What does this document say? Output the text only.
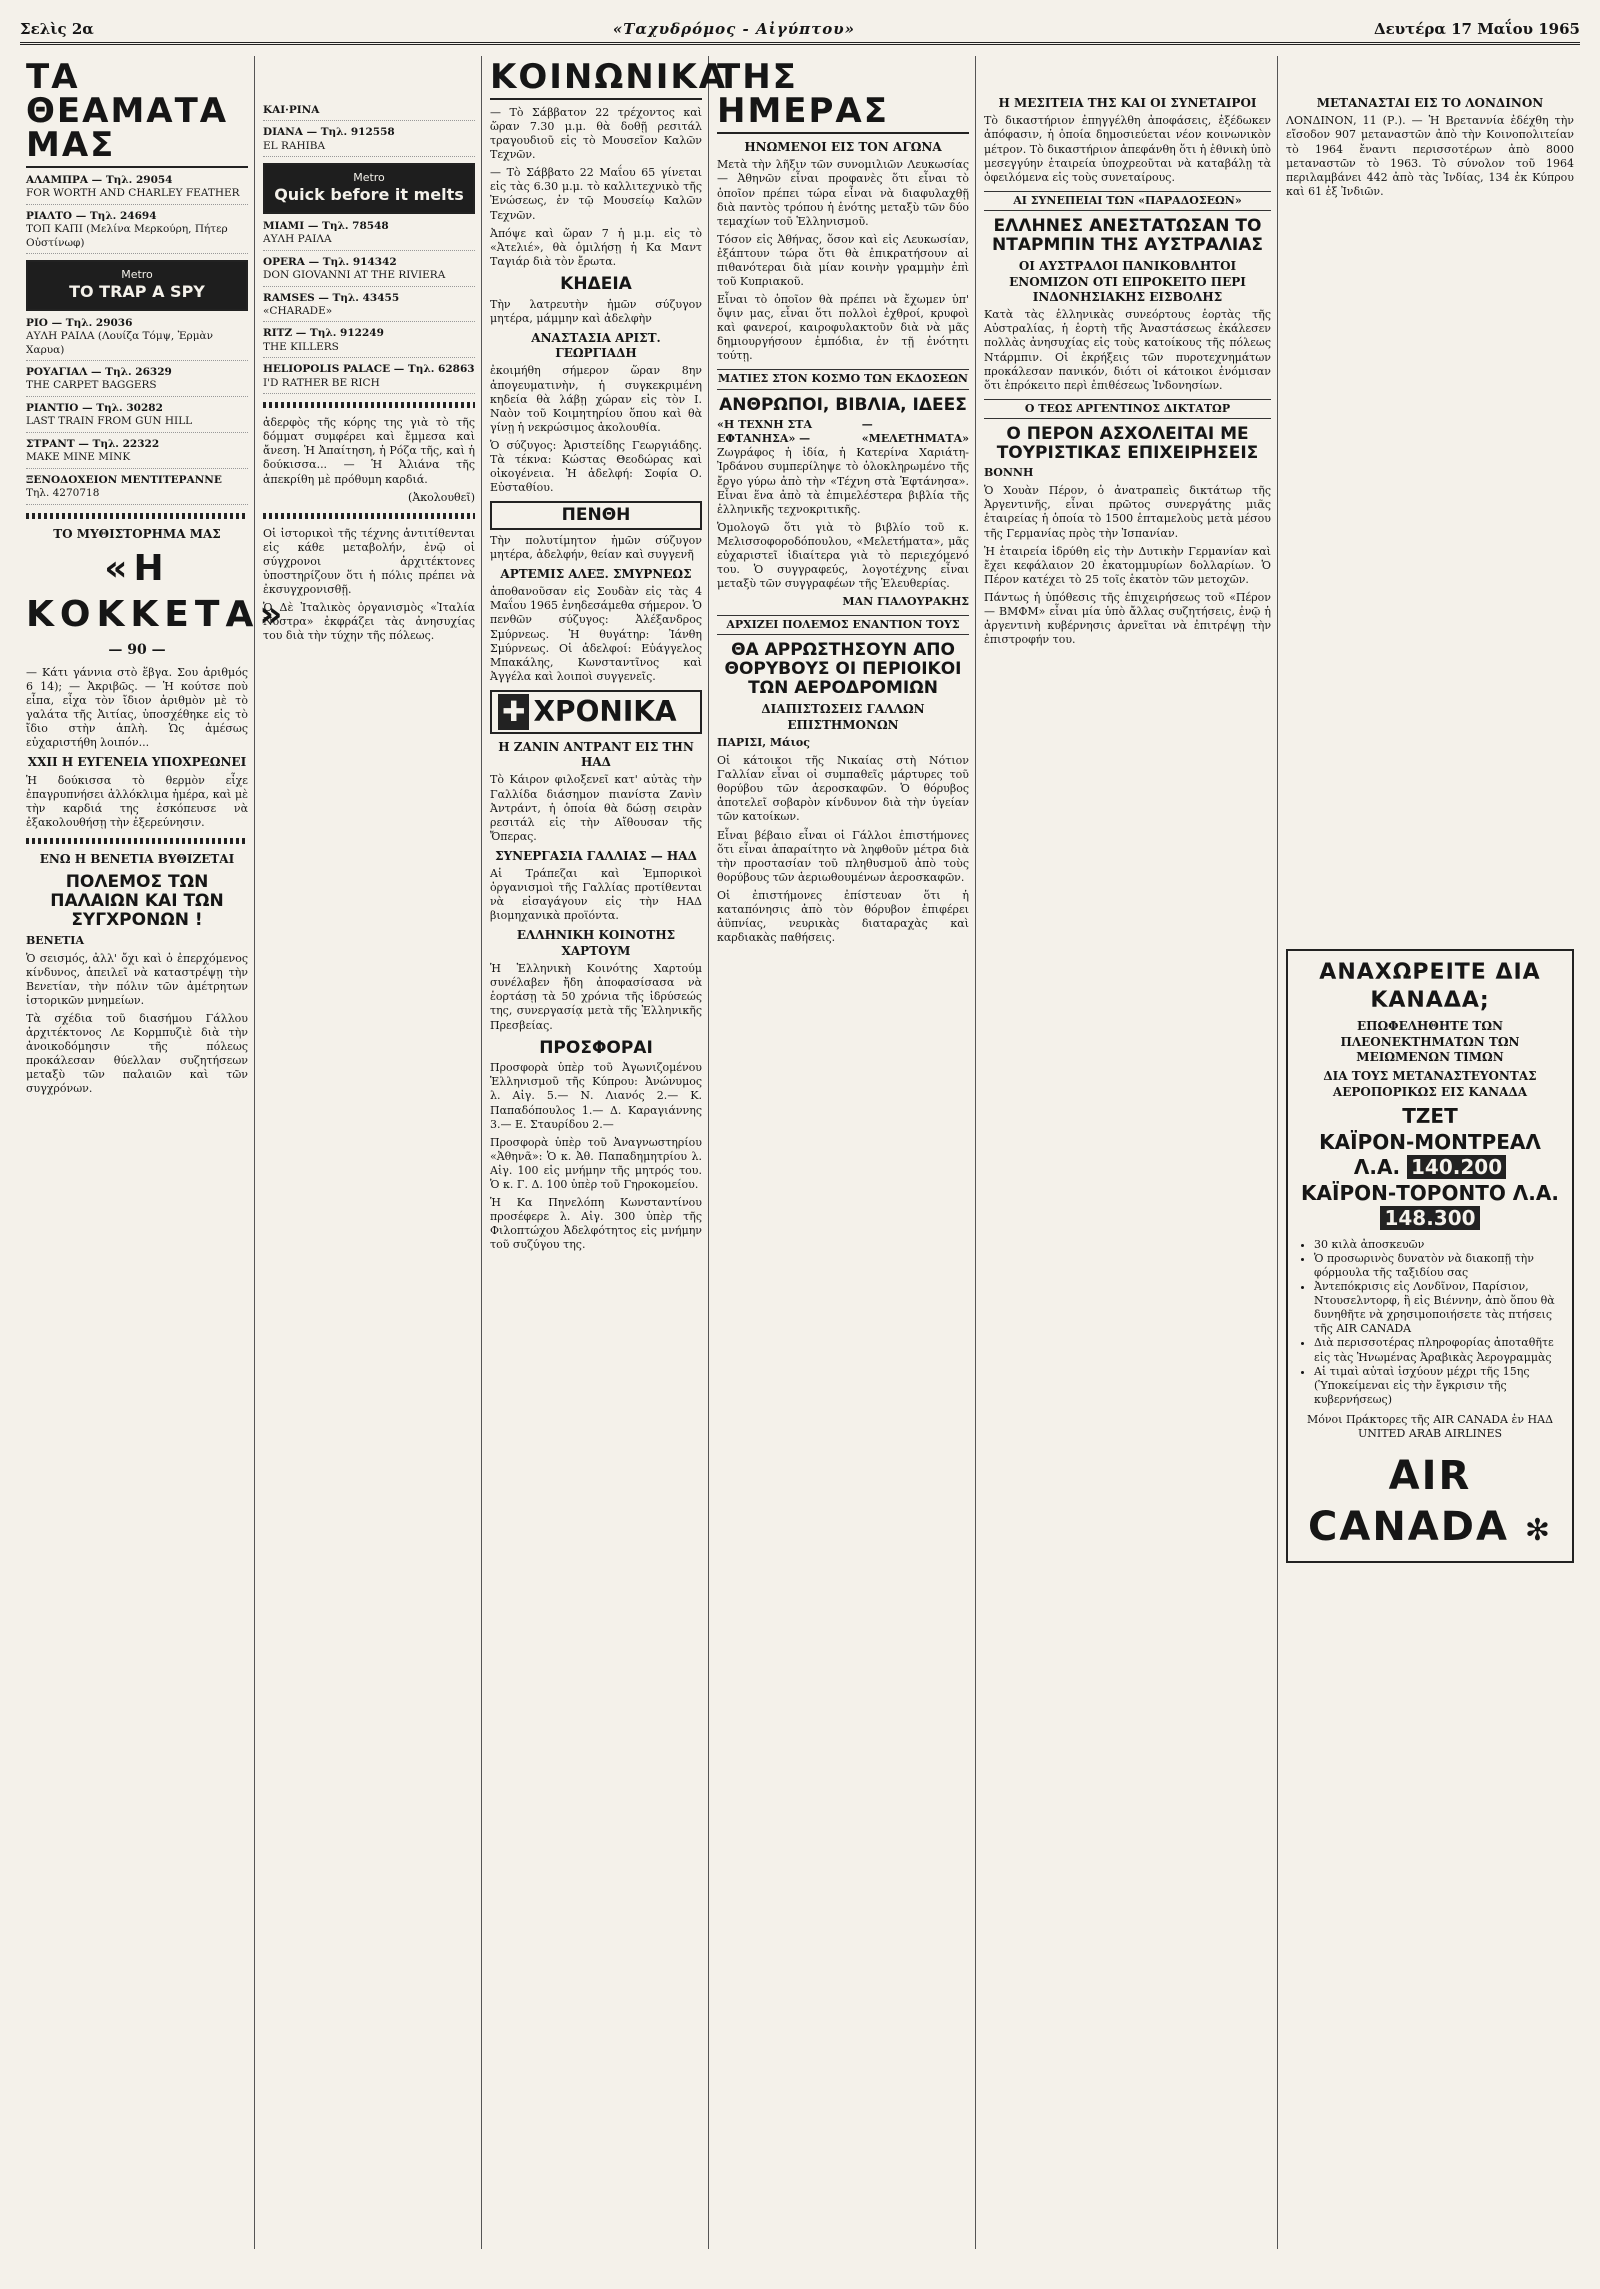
Σελὶς 2α	«Ταχυδρόμος - Αἰγύπτου»	Δευτέρα 17 Μαΐου 1965
ΤΑ ΘΕΑΜΑΤΑ ΜΑΣ
ΑΛΑΜΠΡΑ — Τηλ. 29054
FOR WORTH AND CHARLEY FEATHER
ΡΙΑΛΤΟ — Τηλ. 24694
ΤΟΠ ΚΑΠΙ (Μελίνα Μερκούρη, Πήτερ Οὐστίνωφ)
Metro
TO TRAP A SPY
ΡΙΟ — Τηλ. 29036
ΑΥΛΗ ΡΑΙΛΑ (Λουίζα Τόμψ, Ἐρμὰν Χαρυα)
ΡΟΥΑΓΙΑΛ — Τηλ. 26329
THE CARPET BAGGERS
ΡΙΑΝΤΙΟ — Τηλ. 30282
LAST TRAIN FROM GUN HILL
ΣΤΡΑΝΤ — Τηλ. 22322
MAKE MINE MINK
ΞΕΝΟΔΟΧΕΙΟΝ ΜΕΝΤΙΤΕΡΑΝΝΕ
Τηλ. 4270718
ΤΟ ΜΥΘΙΣΤΟΡΗΜΑ ΜΑΣ
«Η ΚΟΚΚΕΤΑ»
— 90 —

— Κάτι γάννια στὸ ἕβγα. Σου ἀριθμός 6 14); — Ἀκριβῶς. — Ἡ κούτσε ποὺ εἶπα, εἶχα τὸν ἴδιον ἀριθμὸν μὲ τὸ γαλάτα τῆς Ἀιτίας, ὑποσχέθηκε εἰς τὸ ἴδιο στὴν ἁπλὴ. Ὡς ἀμέσως εὐχαριστήθη λοιπόν...

ΧΧΙΙ Η ΕΥΓΕΝΕΙΑ ΥΠΟΧΡΕΩΝΕΙ

Ἡ δούκισσα τὸ θερμὸν εἶχε ἐπαγρυπνήσει ἀλλόκλιμα ἡμέρα, καὶ μὲ τὴν καρδιά της ἐσκόπευσε νὰ ἐξακολουθήσῃ τὴν ἐξερεύνησιν.

ΕΝΩ Η ΒΕΝΕΤΙΑ ΒΥΘΙΖΕΤΑΙ
ΠΟΛΕΜΟΣ ΤΩΝ ΠΑΛΑΙΩΝ ΚΑΙ ΤΩΝ ΣΥΓΧΡΟΝΩΝ !

ΒΕΝΕΤΙΑ

Ὁ σεισμός, ἀλλ' ὄχι καὶ ὁ ἐπερχόμενος κίνδυνος, ἀπειλεῖ νὰ καταστρέψῃ τὴν Βενετίαν, τὴν πόλιν τῶν ἀμέτρητων ἱστορικῶν μνημείων.

Τὰ σχέδια τοῦ διασήμου Γάλλου ἀρχιτέκτονος Λε Κορμπυζιὲ διὰ τὴν ἀνοικοδόμησιν τῆς πόλεως προκάλεσαν θύελλαν συζητήσεων μεταξὺ τῶν παλαιῶν καὶ τῶν συγχρόνων.

ΚΑΙ·ΡΙΝΑ
DIANA — Τηλ. 912558
EL RAHIBA
Metro
Quick before it melts
MIAMI — Τηλ. 78548
ΑΥΛΗ ΡΑΙΛΑ
OPERA — Τηλ. 914342
DON GIOVANNI AT THE RIVIERA
RAMSES — Τηλ. 43455
«CHARADE»
RITZ — Τηλ. 912249
THE KILLERS
HELIOPOLIS PALACE — Τηλ. 62863
I'D RATHER BE RICH

ἀδερφὸς τῆς κόρης της γιὰ τὸ τῆς δόμματ συμφέρει καὶ ἔμμεσα καὶ ἄνεση. Ἡ Ἀπαίτηση, ἡ Ρόζα τῆς, καὶ ἡ δούκισσα... — Ἡ Ἀλιάνα τῆς ἀπεκρίθη μὲ πρόθυμη καρδιά.

(Ἀκολουθεῖ)

Οἱ ἱστορικοὶ τῆς τέχνης ἀντιτίθενται εἰς κάθε μεταβολήν, ἐνῷ οἱ σύγχρονοι ἀρχιτέκτονες ὑποστηρίζουν ὅτι ἡ πόλις πρέπει νὰ ἐκσυγχρονισθῇ.

Ὁ Δὲ Ἰταλικὸς ὀργανισμὸς «Ἰταλία Νόστρα» ἐκφράζει τὰς ἀνησυχίας του διὰ τὴν τύχην τῆς πόλεως.

ΚΟΙΝΩΝΙΚΑ

— Τὸ Σάββατον 22 τρέχοντος καὶ ὥραν 7.30 μ.μ. θὰ δοθῇ ρεσιτάλ τραγουδιοῦ εἰς τὸ Μουσεῖον Καλῶν Τεχνῶν.

— Τὸ Σάββατο 22 Μαΐου 65 γίνεται εἰς τὰς 6.30 μ.μ. τὸ καλλιτεχνικὸ τῆς Ἐνώσεως, ἐν τῷ Μουσείῳ Καλῶν Τεχνῶν.

Ἀπόψε καὶ ὥραν 7 ἡ μ.μ. εἰς τὸ «Ἀτελιέ», θὰ ὁμιλήσῃ ἡ Κα Μαντ Ταγιάρ διὰ τὸν ἔρωτα.

ΚΗΔΕΙΑ

Τὴν λατρευτὴν ἡμῶν σύζυγον μητέρα, μάμμην καὶ ἀδελφὴν

ΑΝΑΣΤΑΣΙΑ ΑΡΙΣΤ. ΓΕΩΡΓΙΑΔΗ

ἐκοιμήθη σήμερον ὥραν 8ην ἀπογευματινὴν, ἡ συγκεκριμένη κηδεία θὰ λάβῃ χώραν εἰς τὸν Ι. Ναὸν τοῦ Κοιμητηρίου ὅπου καὶ θὰ γίνῃ ἡ νεκρώσιμος ἀκολουθία.

Ὁ σύζυγος: Ἀριστείδης Γεωργιάδης. Τὰ τέκνα: Κώστας Θεοδώρας καὶ οἰκογένεια. Ἡ ἀδελφή: Σοφία Ο. Εὐσταθίου.

ΠΕΝΘΗ

Τὴν πολυτίμητον ἡμῶν σύζυγον μητέρα, ἀδελφήν, θείαν καὶ συγγενῆ

ΑΡΤΕΜΙΣ ΑΛΕΞ. ΣΜΥΡΝΕΩΣ

ἀποθανοῦσαν εἰς Σουδὰν εἰς τὰς 4 Μαΐου 1965 ἐνηδεσάμεθα σήμερον. Ὁ πενθῶν σύζυγος: Ἀλέξανδρος Σμύρνεως. Ἡ θυγάτηρ: Ἰάνθη Σμύρνεως. Οἱ ἀδελφοί: Εὐάγγελος Μπακάλης, Κωνσταντῖνος καὶ Ἀγγέλα καὶ λοιποὶ συγγενεῖς.

✚ ΧΡΟΝΙΚΑ
Η ΖΑΝΙΝ ΑΝΤΡΑΝΤ ΕΙΣ ΤΗΝ ΗΑΔ

Τὸ Κάιρον φιλοξενεῖ κατ' αὐτὰς τὴν Γαλλίδα διάσημον πιανίστα Ζανὶν Ἀντράντ, ἡ ὁποία θὰ δώσῃ σειρὰν ρεσιτάλ εἰς τὴν Αἴθουσαν τῆς Ὄπερας.

ΣΥΝΕΡΓΑΣΙΑ ΓΑΛΛΙΑΣ — ΗΑΔ

Αἱ Τράπεζαι καὶ Ἐμπορικοὶ ὀργανισμοὶ τῆς Γαλλίας προτίθενται νὰ εἰσαγάγουν εἰς τὴν ΗΑΔ βιομηχανικὰ προϊόντα.

ΕΛΛΗΝΙΚΗ ΚΟΙΝΟΤΗΣ ΧΑΡΤΟΥΜ

Ἡ Ἑλληνικὴ Κοινότης Χαρτούμ συνέλαβεν ἤδη ἀποφασίσασα νὰ ἑορτάσῃ τὰ 50 χρόνια τῆς ἱδρύσεώς της, συνεργασίᾳ μετὰ τῆς Ἑλληνικῆς Πρεσβείας.

ΠΡΟΣΦΟΡΑΙ

Προσφορὰ ὑπὲρ τοῦ Ἀγωνιζομένου Ἑλληνισμοῦ τῆς Κύπρου: Ἀνώνυμος λ. Αἰγ. 5.— Ν. Λιανός 2.— Κ. Παπαδόπουλος 1.— Δ. Καραγιάννης 3.— Ε. Σταυρίδου 2.—

Προσφορὰ ὑπὲρ τοῦ Ἀναγνωστηρίου «Ἀθηνᾶ»: Ὁ κ. Ἀθ. Παπαδημητρίου λ. Αἰγ. 100 εἰς μνήμην τῆς μητρός του. Ὁ κ. Γ. Δ. 100 ὑπὲρ τοῦ Γηροκομείου.

Ἡ Κα Πηνελόπη Κωνσταντίνου προσέφερε λ. Αἰγ. 300 ὑπὲρ τῆς Φιλοπτώχου Ἀδελφότητος εἰς μνήμην τοῦ συζύγου της.

ΤΗΣ ΗΜΕΡΑΣ
ΗΝΩΜΕΝΟΙ ΕΙΣ ΤΟΝ ΑΓΩΝΑ

Μετὰ τὴν λῆξιν τῶν συνομιλιῶν Λευκωσίας — Ἀθηνῶν εἶναι προφανὲς ὅτι εἶναι τὸ ὁποῖον πρέπει τώρα εἶναι νὰ διαφυλαχθῇ διὰ παντὸς τρόπου ἡ ἑνότης μεταξὺ τῶν δύο τεμαχίων τοῦ Ἑλληνισμοῦ.

Τόσον εἰς Ἀθήνας, ὅσον καὶ εἰς Λευκωσίαν, ἐξάπτουν τώρα ὅτι θὰ ἐπικρατήσουν αἱ πιθανότεραι διὰ μίαν κοινὴν γραμμὴν ἐπὶ τοῦ Κυπριακοῦ.

Εἶναι τὸ ὁποῖον θὰ πρέπει νὰ ἔχωμεν ὑπ' ὄψιν μας, εἶναι ὅτι πολλοὶ ἐχθροί, κρυφοὶ καὶ φανεροί, καιροφυλακτοῦν διὰ νὰ μᾶς δημιουργήσουν ἐμπόδια, ἐν τῇ ἐνότητι τούτῃ.

ΜΑΤΙΕΣ ΣΤΟΝ ΚΟΣΜΟ ΤΩΝ ΕΚΔΟΣΕΩΝ
ΑΝΘΡΩΠΟΙ, ΒΙΒΛΙΑ, ΙΔΕΕΣ
«Η ΤΕΧΝΗ ΣΤΑ ΕΦΤΑΝΗΣΑ» —
— «ΜΕΛΕΤΗΜΑΤΑ»

Ζωγράφος ἡ ἰδία, ἡ Κατερίνα Χαριάτη-Ἰρδάνου συμπερίληψε τὸ ὁλοκληρωμένο τῆς ἔργο γύρω ἀπὸ τὴν «Τέχνη στὰ Ἑφτάνησα». Εἶναι ἕνα ἀπὸ τὰ ἐπιμελέστερα βιβλία τῆς ἑλληνικῆς τεχνοκριτικῆς.

Ὁμολογῶ ὅτι γιὰ τὸ βιβλίο τοῦ κ. Μελισσοφοροδόπουλου, «Μελετήματα», μᾶς εὐχαριστεῖ ἰδιαίτερα γιὰ τὸ περιεχόμενό του. Ὁ συγγραφεύς, λογοτέχνης εἶναι μεταξὺ τῶν συγγραφέων τῆς Ἑλευθερίας.

ΜΑΝ ΓΙΑΛΟΥΡΑΚΗΣ
ΑΡΧΙΖΕΙ ΠΟΛΕΜΟΣ ΕΝΑΝΤΙΟΝ ΤΟΥΣ
ΘΑ ΑΡΡΩΣΤΗΣΟΥΝ ΑΠΟ ΘΟΡΥΒΟΥΣ ΟΙ ΠΕΡΙΟΙΚΟΙ ΤΩΝ ΑΕΡΟΔΡΟΜΙΩΝ
ΔΙΑΠΙΣΤΩΣΕΙΣ ΓΑΛΛΩΝ ΕΠΙΣΤΗΜΟΝΩΝ

ΠΑΡΙΣΙ, Μάιος

Οἱ κάτοικοι τῆς Νικαίας στὴ Νότιον Γαλλίαν εἶναι οἱ συμπαθεῖς μάρτυρες τοῦ θορύβου τῶν ἀεροσκαφῶν. Ὁ θόρυβος ἀποτελεῖ σοβαρὸν κίνδυνον διὰ τὴν ὑγείαν τῶν κατοίκων.

Εἶναι βέβαιο εἶναι οἱ Γάλλοι ἐπιστήμονες ὅτι εἶναι ἀπαραίτητο νὰ ληφθοῦν μέτρα διὰ τὴν προστασίαν τοῦ πληθυσμοῦ ἀπὸ τοὺς θορύβους τῶν ἀεριωθουμένων ἀεροσκαφῶν.

Οἱ ἐπιστήμονες ἐπίστευαν ὅτι ἡ καταπόνησις ἀπὸ τὸν θόρυβον ἐπιφέρει ἀϋπνίας, νευρικὰς διαταραχὰς καὶ καρδιακὰς παθήσεις.

Η ΜΕΣΙΤΕΙΑ ΤΗΣ ΚΑΙ ΟΙ ΣΥΝΕΤΑΙΡΟΙ

Τὸ δικαστήριον ἐπηγγέλθη ἀποφάσεις, ἐξέδωκεν ἀπόφασιν, ἡ ὁποία δημοσιεύεται νέον κοινωνικὸν μέτρον. Τὸ δικαστήριον ἀπεφάνθη ὅτι ἡ ἐθνικὴ ὑπὸ μεσεγγύην ἐταιρεία ὑποχρεοῦται νὰ καταβάλῃ τὰ ὀφειλόμενα εἰς τοὺς συνεταίρους.

ΑΙ ΣΥΝΕΠΕΙΑΙ ΤΩΝ «ΠΑΡΑΔΟΣΕΩΝ»
ΕΛΛΗΝΕΣ ΑΝΕΣΤΑΤΩΣΑΝ ΤΟ ΝΤΑΡΜΠΙΝ ΤΗΣ ΑΥΣΤΡΑΛΙΑΣ
ΟΙ ΑΥΣΤΡΑΛΟΙ ΠΑΝΙΚΟΒΛΗΤΟΙ ΕΝΟΜΙΖΟΝ ΟΤΙ ΕΠΡΟΚΕΙΤΟ ΠΕΡΙ ΙΝΔΟΝΗΣΙΑΚΗΣ ΕΙΣΒΟΛΗΣ

Κατὰ τὰς ἑλληνικὰς συνεόρτους ἑορτὰς τῆς Αὐστραλίας, ἡ ἑορτὴ τῆς Ἀναστάσεως ἐκάλεσεν πολλὰς ἀνησυχίας εἰς τοὺς κατοίκους τῆς πόλεως Ντάρμπιν. Οἱ ἐκρήξεις τῶν πυροτεχνημάτων προκάλεσαν πανικόν, διότι οἱ κάτοικοι ἐνόμισαν ὅτι ἐπρόκειτο περὶ ἐπιθέσεως Ἰνδονησίων.

Ο ΤΕΩΣ ΑΡΓΕΝΤΙΝΟΣ ΔΙΚΤΑΤΩΡ
Ο ΠΕΡΟΝ ΑΣΧΟΛΕΙΤΑΙ ΜΕ ΤΟΥΡΙΣΤΙΚΑΣ ΕΠΙΧΕΙΡΗΣΕΙΣ

ΒΟΝΝΗ

Ὁ Χουὰν Πέρον, ὁ ἀνατραπεὶς δικτάτωρ τῆς Ἀργεντινῆς, εἶναι πρῶτος συνεργάτης μιᾶς ἑταιρείας ἡ ὁποία τὸ 1500 ἑπταμελοὺς μετὰ μέσου τῆς Γερμανίας πρὸς τὴν Ἰσπανίαν.

Ἡ ἑταιρεία ἱδρύθη εἰς τὴν Δυτικὴν Γερμανίαν καὶ ἔχει κεφάλαιον 20 ἑκατομμυρίων δολλαρίων. Ὁ Πέρον κατέχει τὸ 25 τοῖς ἑκατὸν τῶν μετοχῶν.

Πάντως ἡ ὑπόθεσις τῆς ἐπιχειρήσεως τοῦ «Πέρον — ΒΜΦΜ» εἶναι μία ὑπὸ ἄλλας συζητήσεις, ἐνῷ ἡ ἀργεντινὴ κυβέρνησις ἀρνεῖται νὰ ἐπιτρέψῃ τὴν ἐπιστροφήν του.

ΜΕΤΑΝΑΣΤΑΙ ΕΙΣ ΤΟ ΛΟΝΔΙΝΟΝ

ΛΟΝΔΙΝΟΝ, 11 (Ρ.). — Ἡ Βρεταννία ἐδέχθη τὴν εἴσοδον 907 μεταναστῶν ἀπὸ τὴν Κοινοπολιτείαν τὸ 1964 ἔναντι περισσοτέρων ἀπὸ 8000 μεταναστῶν τὸ 1963. Τὸ σύνολον τοῦ 1964 περιλαμβάνει 442 ἀπὸ τὰς Ἰνδίας, 134 ἐκ Κύπρου καὶ 61 ἐξ Ἰνδιῶν.

ΑΝΑΧΩΡΕΙΤΕ ΔΙΑ ΚΑΝΑΔΑ;
ΕΠΩΦΕΛΗΘΗΤΕ ΤΩΝ ΠΛΕΟΝΕΚΤΗΜΑΤΩΝ ΤΩΝ ΜΕΙΩΜΕΝΩΝ ΤΙΜΩΝ
ΔΙΑ ΤΟΥΣ ΜΕΤΑΝΑΣΤΕΥΟΝΤΑΣ ΑΕΡΟΠΟΡΙΚΩΣ ΕΙΣ ΚΑΝΑΔΑ
ΤΖΕΤ
ΚΑΪΡΟΝ-ΜΟΝΤΡΕΑΛ Λ.Α. 140.200
ΚΑΪΡΟΝ-ΤΟΡΟΝΤΟ Λ.Α. 148.300
• 30 κιλὰ ἀποσκευῶν
• Ὁ προσωρινὸς δυνατὸν νὰ διακοπῇ τὴν φόρμουλα τῆς ταξιδίου σας
• Ἀντεπόκρισις εἰς Λονδῖνον, Παρίσιον, Ντουσελντορφ, ἢ εἰς Βιέννην, ἀπὸ ὅπου θὰ δυνηθῆτε νὰ χρησιμοποιήσετε τὰς πτήσεις τῆς AIR CANADA
• Διὰ περισσοτέρας πληροφορίας ἀποταθῆτε εἰς τὰς Ἡνωμένας Ἀραβικὰς Ἀερογραμμὰς
• Αἱ τιμαὶ αὐταὶ ἰσχύουν μέχρι τῆς 15ης (Ὑποκείμεναι εἰς τὴν ἔγκρισιν τῆς κυβερνήσεως)
Μόνοι Πράκτορες τῆς AIR CANADA ἐν ΗΑΔ UNITED ARAB AIRLINES
AIR CANADA ✻
